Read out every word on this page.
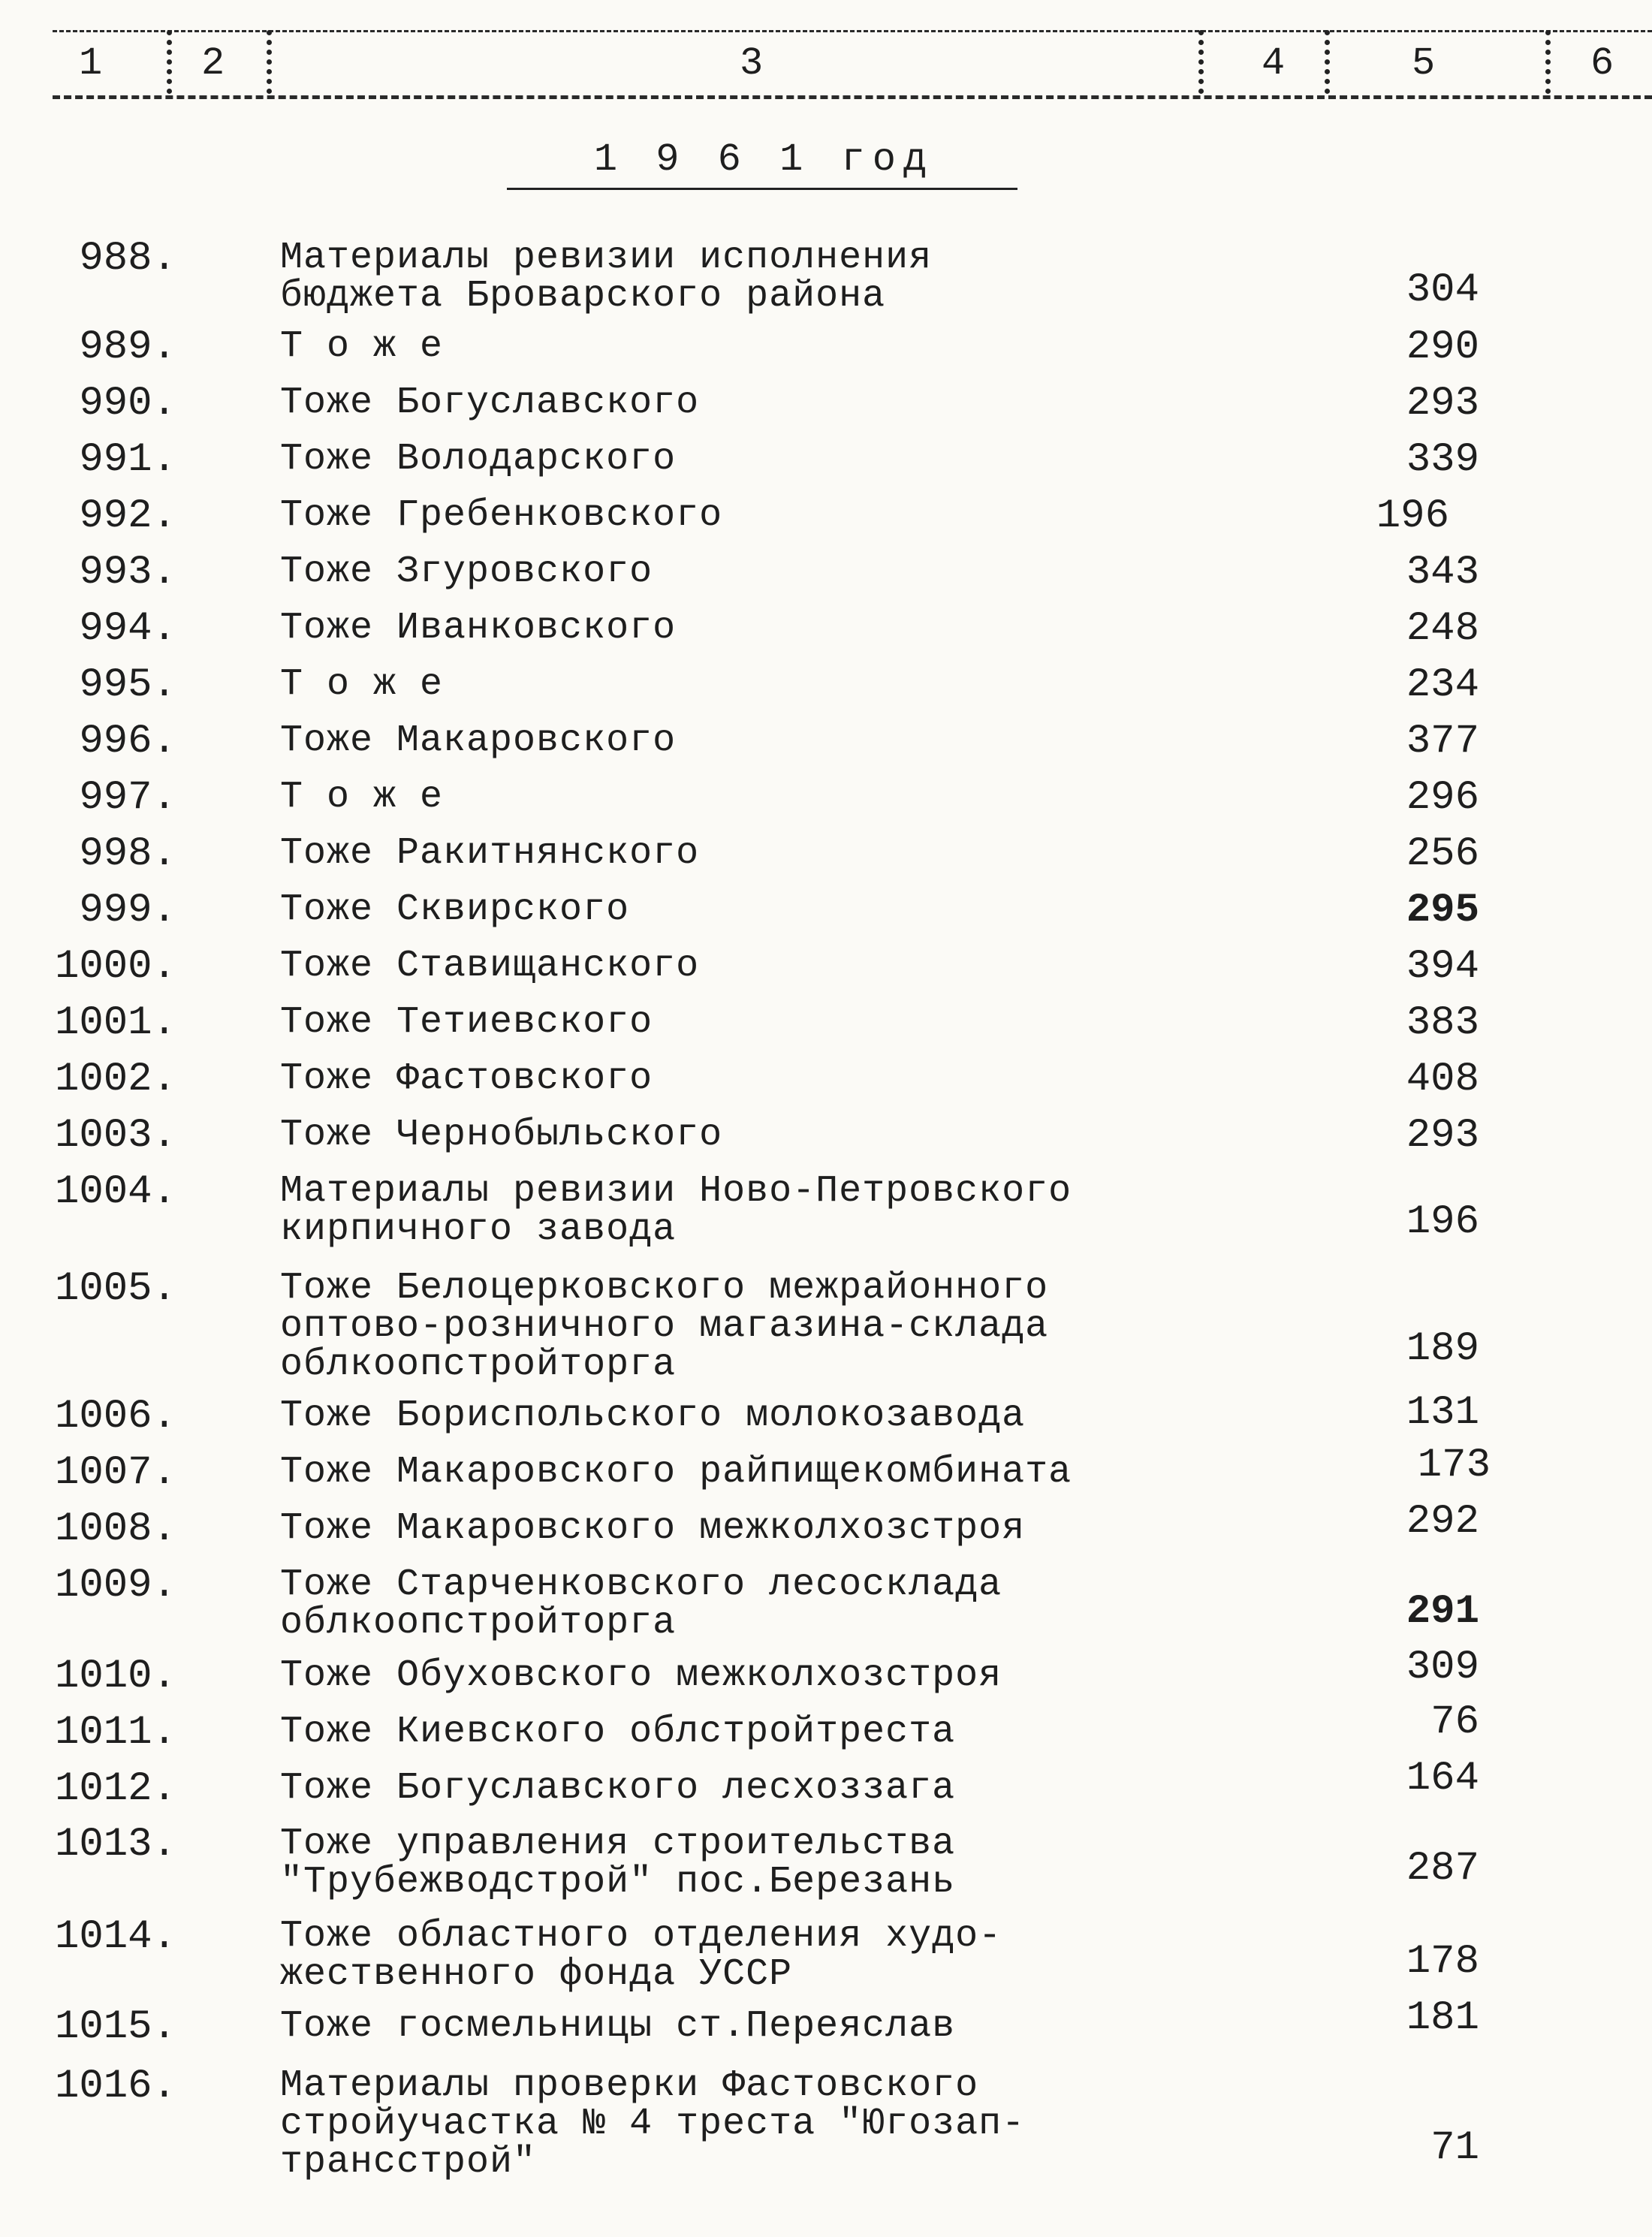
1	2	3	4	5	6
1 9 6 1 год
988.	Материалы ревизии исполнения
бюджета Броварского района	304
989.	Т о ж е	290
990.	Тоже Богуславского	293
991.	Тоже Володарского	339
992.	Тоже Гребенковского	196
993.	Тоже Згуровского	343
994.	Тоже Иванковского	248
995.	Т о ж е	234
996.	Тоже Макаровского	377
997.	Т о ж е	296
998.	Тоже Ракитнянского	256
999.	Тоже Сквирского	295
1000.	Тоже Ставищанского	394
1001.	Тоже Тетиевского	383
1002.	Тоже Фастовского	408
1003.	Тоже Чернобыльского	293
1004.	Материалы ревизии Ново-Петровского
кирпичного завода	196
1005.	Тоже Белоцерковского межрайонного
оптово-розничного магазина-склада
облкоопстройторга	189
1006.	Тоже Бориспольского молокозавода	131
1007.	Тоже Макаровского райпищекомбината	173
1008.	Тоже Макаровского межколхозстроя	292
1009.	Тоже Старченковского лесосклада
облкоопстройторга	291
1010.	Тоже Обуховского межколхозстроя	309
1011.	Тоже Киевского облстройтреста	76
1012.	Тоже Богуславского лесхоззага	164
1013.	Тоже управления строительства
"Трубежводстрой" пос.Березань	287
1014.	Тоже областного отделения худо-
жественного фонда УССР	178
1015.	Тоже госмельницы ст.Переяслав	181
1016.	Материалы проверки Фастовского
стройучастка № 4 треста "Югозап-
трансстрой"	71
